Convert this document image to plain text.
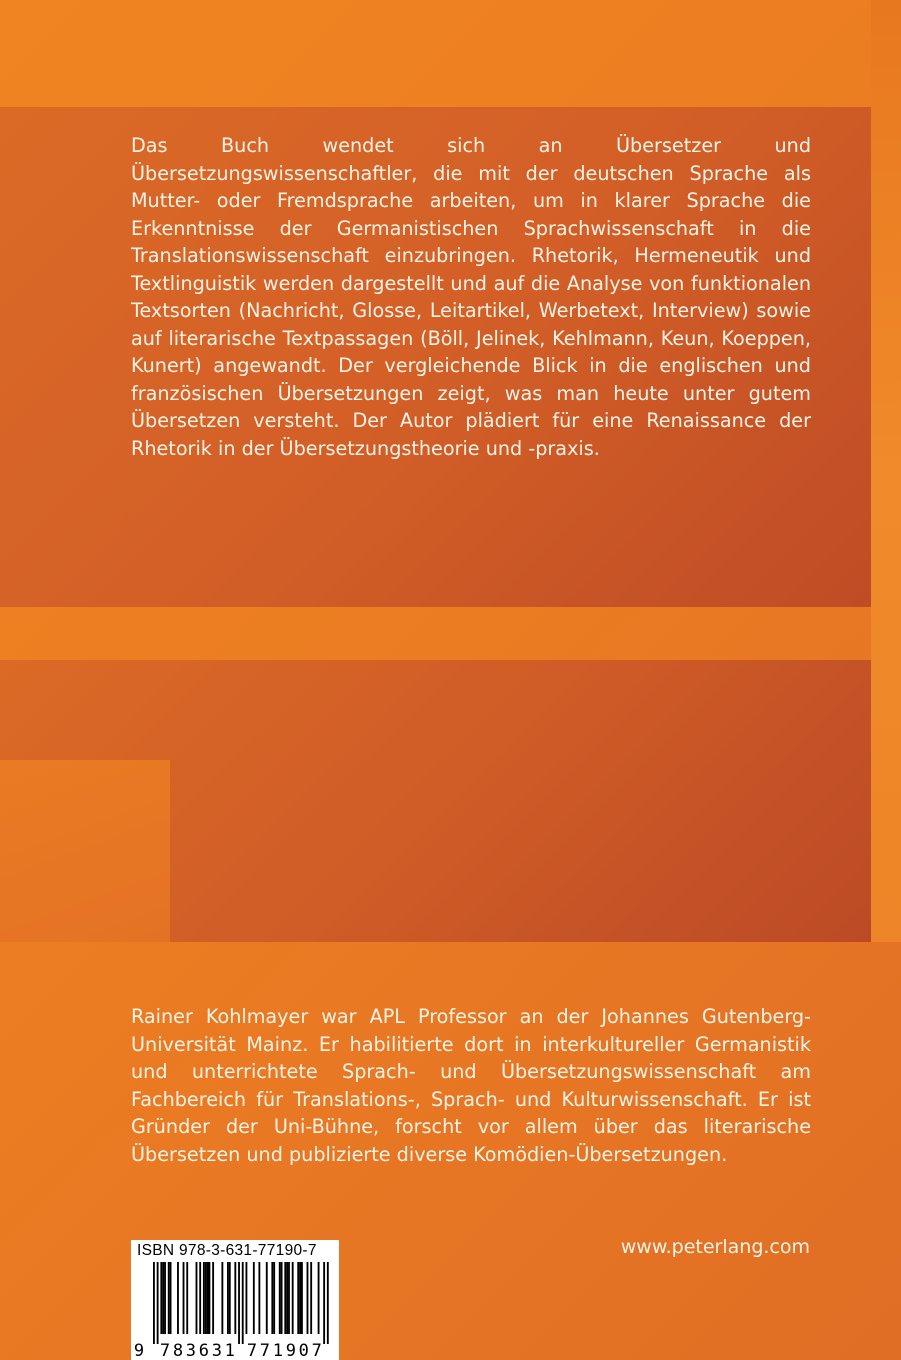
Das Buch wendet sich an Übersetzer und Übersetzungswissenschaftler, die mit der deutschen Sprache als Mutter- oder Fremdsprache arbeiten, um in klarer Sprache die Erkenntnisse der Germanistischen Sprachwissenschaft in die Translationswissenschaft einzubringen. Rhetorik, Hermeneutik und Textlinguistik werden dargestellt und auf die Analyse von funktionalen Textsorten (Nachricht, Glosse, Leitartikel, Werbetext, Interview) sowie auf literarische Textpassagen (Böll, Jelinek, Kehlmann, Keun, Koeppen, Kunert) angewandt. Der vergleichende Blick in die englischen und französischen Übersetzungen zeigt, was man heute unter gutem Übersetzen versteht. Der Autor plädiert für eine Renaissance der Rhetorik in der Übersetzungstheorie und -praxis.
Rainer Kohlmayer war APL Professor an der Johannes Gutenberg-Universität Mainz. Er habilitierte dort in interkultureller Germanistik und unterrichtete Sprach- und Übersetzungswissenschaft am Fachbereich für Translations-, Sprach- und Kulturwissenschaft. Er ist Gründer der Uni-Bühne, forscht vor allem über das literarische Übersetzen und publizierte diverse Komödien-Übersetzungen.
www.peterlang.com
ISBN 978-3-631-77190-7
9 7 8 3 6 3 1 7 7 1 9 0 7
